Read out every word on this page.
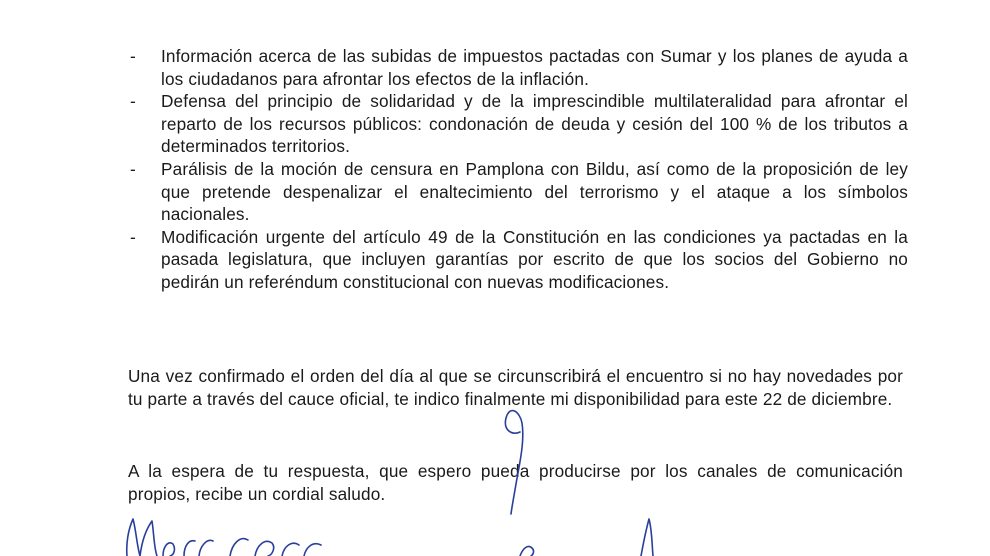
- Información acerca de las subidas de impuestos pactadas con Sumar y los planes de ayuda a los ciudadanos para afrontar los efectos de la inflación.
- Defensa del principio de solidaridad y de la imprescindible multilateralidad para afrontar el reparto de los recursos públicos: condonación de deuda y cesión del 100 % de los tributos a determinados territorios.
- Parálisis de la moción de censura en Pamplona con Bildu, así como de la proposición de ley que pretende despenalizar el enaltecimiento del terrorismo y el ataque a los símbolos nacionales.
- Modificación urgente del artículo 49 de la Constitución en las condiciones ya pactadas en la pasada legislatura, que incluyen garantías por escrito de que los socios del Gobierno no pedirán un referéndum constitucional con nuevas modificaciones.

Una vez confirmado el orden del día al que se circunscribirá el encuentro si no hay novedades por tu parte a través del cauce oficial, te indico finalmente mi disponibilidad para este 22 de diciembre.

A la espera de tu respuesta, que espero pueda producirse por los canales de comunicación propios, recibe un cordial saludo.
